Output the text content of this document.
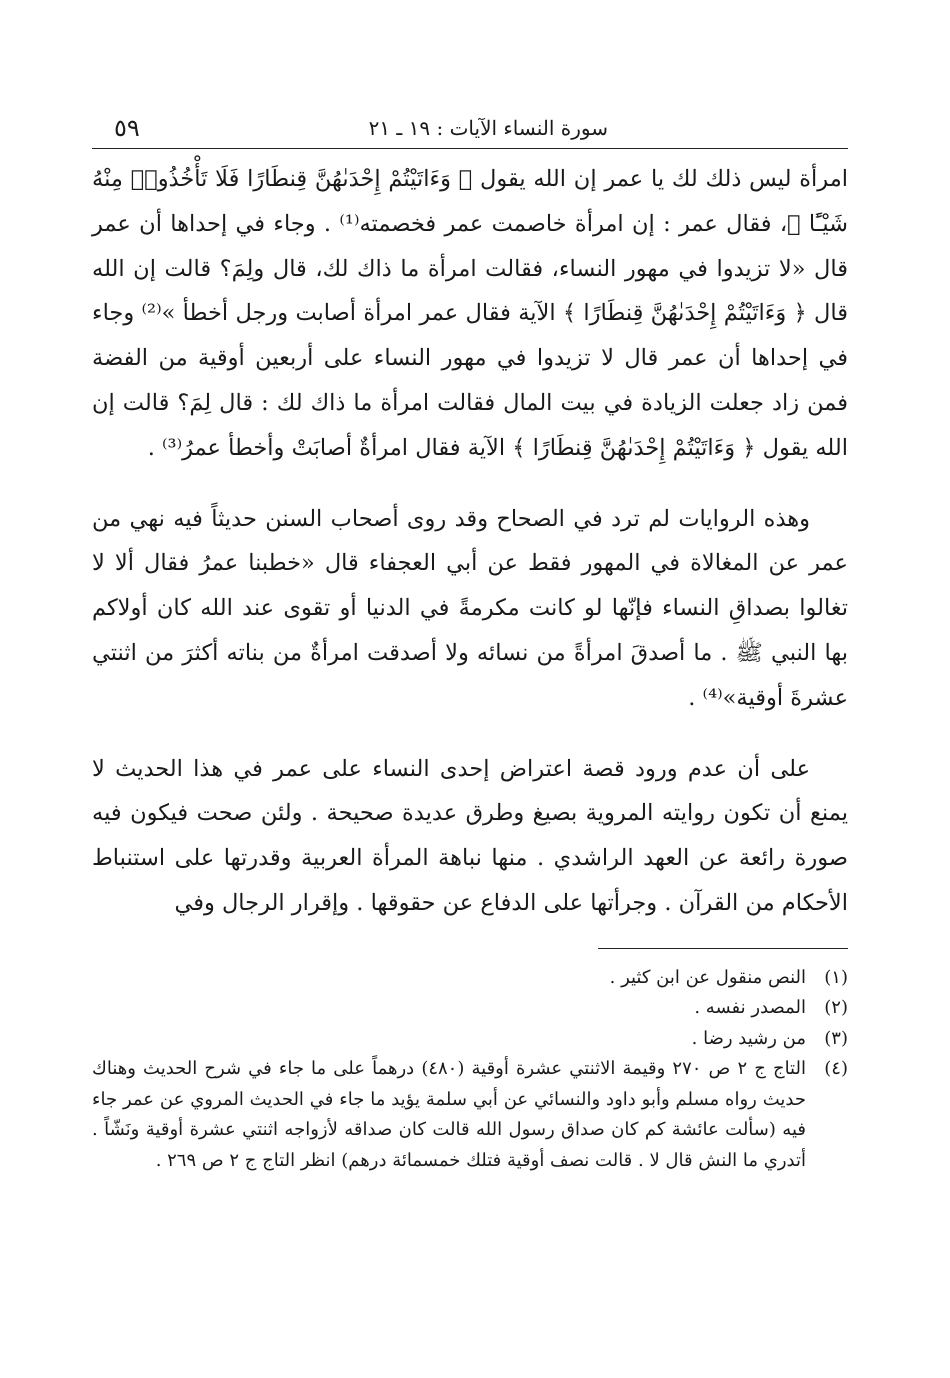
٥٩	سورة النساء الآيات : ١٩ ـ ٢١

امرأة ليس ذلك لك يا عمر إن الله يقول ﴿ وَءَاتَيْتُمْ إِحْدَىٰهُنَّ قِنطَارًا فَلَا تَأْخُذُوا۟ مِنْهُ شَيْـًٔا ﴾، فقال عمر : إن امرأة خاصمت عمر فخصمته⁽¹⁾ . وجاء في إحداها أن عمر قال «لا تزيدوا في مهور النساء، فقالت امرأة ما ذاك لك، قال ولِمَ؟ قالت إن الله قال ﴿ وَءَاتَيْتُمْ إِحْدَىٰهُنَّ قِنطَارًا ﴾ الآية فقال عمر امرأة أصابت ورجل أخطأ »⁽²⁾ وجاء في إحداها أن عمر قال لا تزيدوا في مهور النساء على أربعين أوقية من الفضة فمن زاد جعلت الزيادة في بيت المال فقالت امرأة ما ذاك لك : قال لِمَ؟ قالت إن الله يقول ﴿ وَءَاتَيْتُمْ إِحْدَىٰهُنَّ قِنطَارًا ﴾ الآية فقال امرأةٌ أصابَتْ وأخطأ عمرُ⁽³⁾ .

وهذه الروايات لم ترد في الصحاح وقد روى أصحاب السنن حديثاً فيه نهي من عمر عن المغالاة في المهور فقط عن أبي العجفاء قال «خطبنا عمرُ فقال ألا لا تغالوا بصداقِ النساء فإنّها لو كانت مكرمةً في الدنيا أو تقوى عند الله كان أولاكم بها النبي ﷺ . ما أصدقَ امرأةً من نسائه ولا أصدقت امرأةٌ من بناته أكثرَ من اثنتي عشرةَ أوقية»⁽⁴⁾ .

على أن عدم ورود قصة اعتراض إحدى النساء على عمر في هذا الحديث لا يمنع أن تكون روايته المروية بصيغ وطرق عديدة صحيحة . ولئن صحت فيكون فيه صورة رائعة عن العهد الراشدي . منها نباهة المرأة العربية وقدرتها على استنباط الأحكام من القرآن . وجرأتها على الدفاع عن حقوقها . وإقرار الرجال وفي

(١)
النص منقول عن ابن كثير .
(٢)
المصدر نفسه .
(٣)
من رشيد رضا .
(٤)
التاج ج ٢ ص ٢٧٠ وقيمة الاثنتي عشرة أوقية (٤٨٠) درهماً على ما جاء في شرح الحديث وهناك حديث رواه مسلم وأبو داود والنسائي عن أبي سلمة يؤيد ما جاء في الحديث المروي عن عمر جاء فيه (سألت عائشة كم كان صداق رسول الله قالت كان صداقه لأزواجه اثنتي عشرة أوقية ونَشّاً . أتدري ما النش قال لا . قالت نصف أوقية فتلك خمسمائة درهم) انظر التاج ج ٢ ص ٢٦٩ .
